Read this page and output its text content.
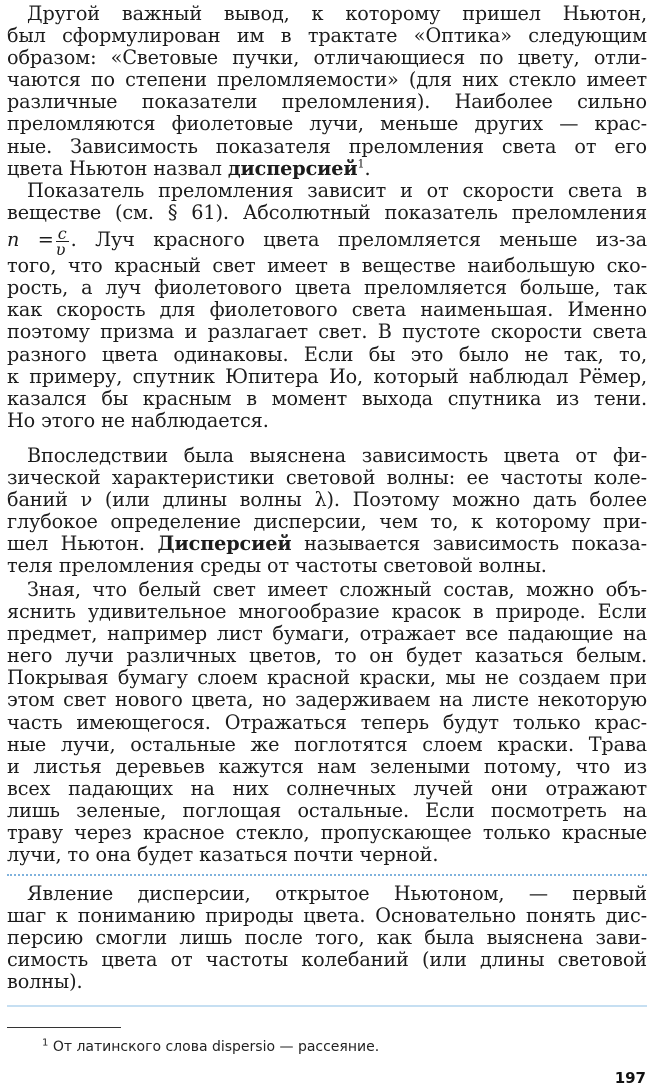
Другой важный вывод, к которому пришел Ньютон,
был сформулирован им в трактате «Оптика» следующим
образом: «Световые пучки, отличающиеся по цвету, отли-
чаются по степени преломляемости» (для них стекло имеет
различные показатели преломления). Наиболее сильно
преломляются фиолетовые лучи, меньше других — крас-
ные. Зависимость показателя преломления света от его
цвета Ньютон назвал дисперсией$^1$.
Показатель преломления зависит и от скорости света в
веществе (см. § 61). Абсолютный показатель преломления
$n = \frac{c}{\upsilon}$ . Луч красного цвета преломляется меньше из-за
того, что красный свет имеет в веществе наибольшую ско-
рость, а луч фиолетового цвета преломляется больше, так
как скорость для фиолетового света наименьшая. Именно
поэтому призма и разлагает свет. В пустоте скорости света
разного цвета одинаковы. Если бы это было не так, то,
к примеру, спутник Юпитера Ио, который наблюдал Рёмер,
казался бы красным в момент выхода спутника из тени.
Но этого не наблюдается.
Впоследствии была выяснена зависимость цвета от фи-
зической характеристики световой волны: ее частоты коле-
баний ν (или длины волны λ). Поэтому можно дать более
глубокое определение дисперсии, чем то, к которому при-
шел Ньютон. Дисперсией называется зависимость показа-
теля преломления среды от частоты световой волны.
Зная, что белый свет имеет сложный состав, можно объ-
яснить удивительное многообразие красок в природе. Если
предмет, например лист бумаги, отражает все падающие на
него лучи различных цветов, то он будет казаться белым.
Покрывая бумагу слоем красной краски, мы не создаем при
этом свет нового цвета, но задерживаем на листе некоторую
часть имеющегося. Отражаться теперь будут только крас-
ные лучи, остальные же поглотятся слоем краски. Трава
и листья деревьев кажутся нам зелеными потому, что из
всех падающих на них солнечных лучей они отражают
лишь зеленые, поглощая остальные. Если посмотреть на
траву через красное стекло, пропускающее только красные
лучи, то она будет казаться почти черной.
Явление дисперсии, открытое Ньютоном, — первый
шаг к пониманию природы цвета. Основательно понять дис-
персию смогли лишь после того, как была выяснена зави-
симость цвета от частоты колебаний (или длины световой
волны).
$^1$ От латинского слова dispersio — рассеяние.
197
